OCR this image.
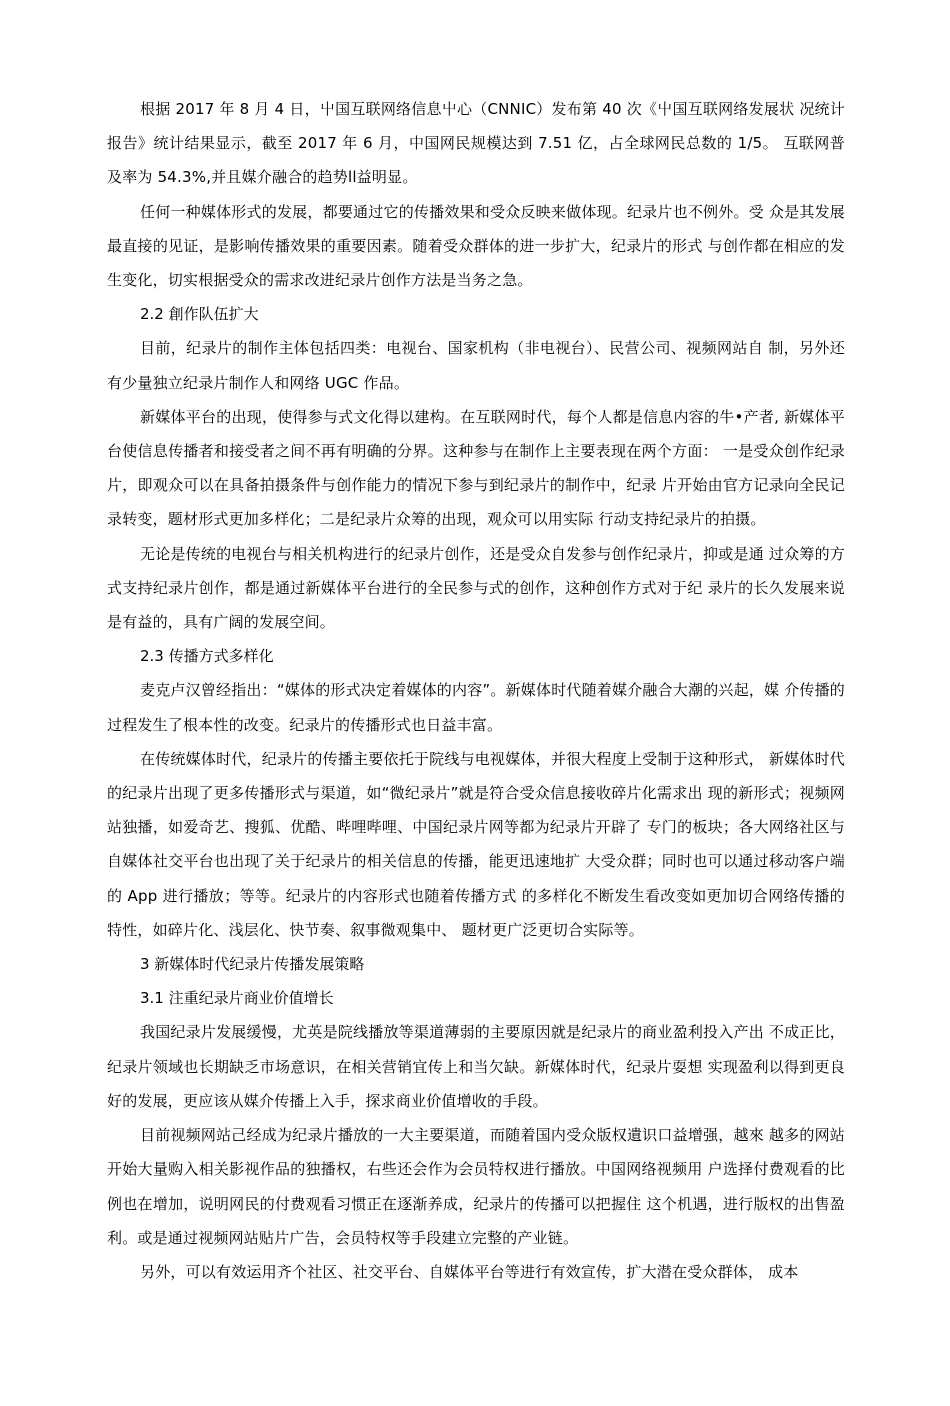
根据 2017 年 8 月 4 日，屮国互联网络信息屮心（CNNIC）发布第 40 次《屮国互联网络发展状 况统计报告》统计结果显示，截至 2017 年 6 月，中国网民规模达到 7.51 亿，占全球网民总数的 1/5。 互联网普及率为 54.3%,并且媒介融合的趋势ll益明显。

任何一种媒体形式的发展，都要通过它的传播效果和受众反映来做体现。纪录片也不例外。受 众是其发展最直接的见证，是影响传播效果的重要因素。随着受众群体的进一步扩大，纪录片的形式 与创作都在相应的发生变化，切实根据受众的需求改进纪录片创作方法是当务之急。

2.2 創作队伍扩大

目前，纪录片的制作主体包括四类：电视台、国家机构（非电视台）、民营公司、视频网站自 制，另外还有少量独立纪录片制作人和网络 UGC 作品。

新媒体平台的出现，使得参与式文化得以建构。在互联网时代，每个人都是信息内容的牛•产者, 新媒体平台使信息传播者和接受者之间不再有明确的分界。这种参与在制作上主要表现在两个方面： 一是受众创作纪录片，即观众可以在具备拍摄条件与创作能力的情况下参与到纪录片的制作中，纪录 片开始由官方记录向全民记录转变，题材形式更加多样化；二是纪录片众筹的出现，观众可以用实际 行动支持纪录片的拍摄。

无论是传统的电视台与相关机构进行的纪录片创作，还是受众自发参与创作纪录片，抑或是通 过众筹的方式支持纪录片创作，都是通过新媒体平台进行的全民参与式的创作，这种创作方式对于纪 录片的长久发展来说是有益的，具有广阔的发展空间。

2.3 传播方式多样化

麦克卢汉曾经指出：“媒体的形式决定着媒体的内容”。新媒体时代随着媒介融合大潮的兴起，媒 介传播的过程发生了根本性的改变。纪录片的传播形式也日益丰富。

在传统媒体时代，纪录片的传播主要依托于院线与电视媒体，并很大程度上受制于这种形式， 新媒体时代的纪录片出现了更多传播形式与渠道，如“微纪录片”就是符合受众信息接收碎片化需求出 现的新形式；视频网站独播，如爱奇艺、搜狐、优酷、哔哩哔哩、中国纪录片网等都为纪录片开辟了 专门的板块；各大网络社区与自媒体社交平台也出现了关于纪录片的相关信息的传播，能更迅速地扩 大受众群；同时也可以通过移动客户端的 App 进行播放；等等。纪录片的内容形式也随着传播方式 的多样化不断发生看改变如更加切合网络传播的特性，如碎片化、浅层化、快节奏、叙事微观集中、 题材更广泛更切合实际等。

3 新媒体时代纪录片传播发展策略

3.1 注重纪录片商业价值增长

我国纪录片发展缓慢，尤英是院线播放等渠道薄弱的主要原因就是纪录片的商业盈利投入产出 不成正比，纪录片领域也长期缺乏市场意识，在相关营销宜传上和当欠缺。新媒体时代，纪录片耍想 实现盈利以得到更良好的发展，更应该从媒介传播上入手，探求商业价值增收的手段。

目前视频网站己经成为纪录片播放的一大主要渠道，而随着国内受众版权遺识口益增强，越來 越多的网站开始大量购入相关影视作品的独播权，右些还会作为会员特权进行播放。中国网络视频用 户选择付费观看的比例也在增加，说明网民的付费观看习惯正在逐渐养成，纪录片的传播可以把握住 这个机遇，进行版权的出售盈利。或是通过视频网站贴片广告，会员特权等手段建立完整的产业链。

另外，可以有效运用齐个社区、社交平台、自媒体平台等进行有效宣传，扩大潜在受众群体， 成本
